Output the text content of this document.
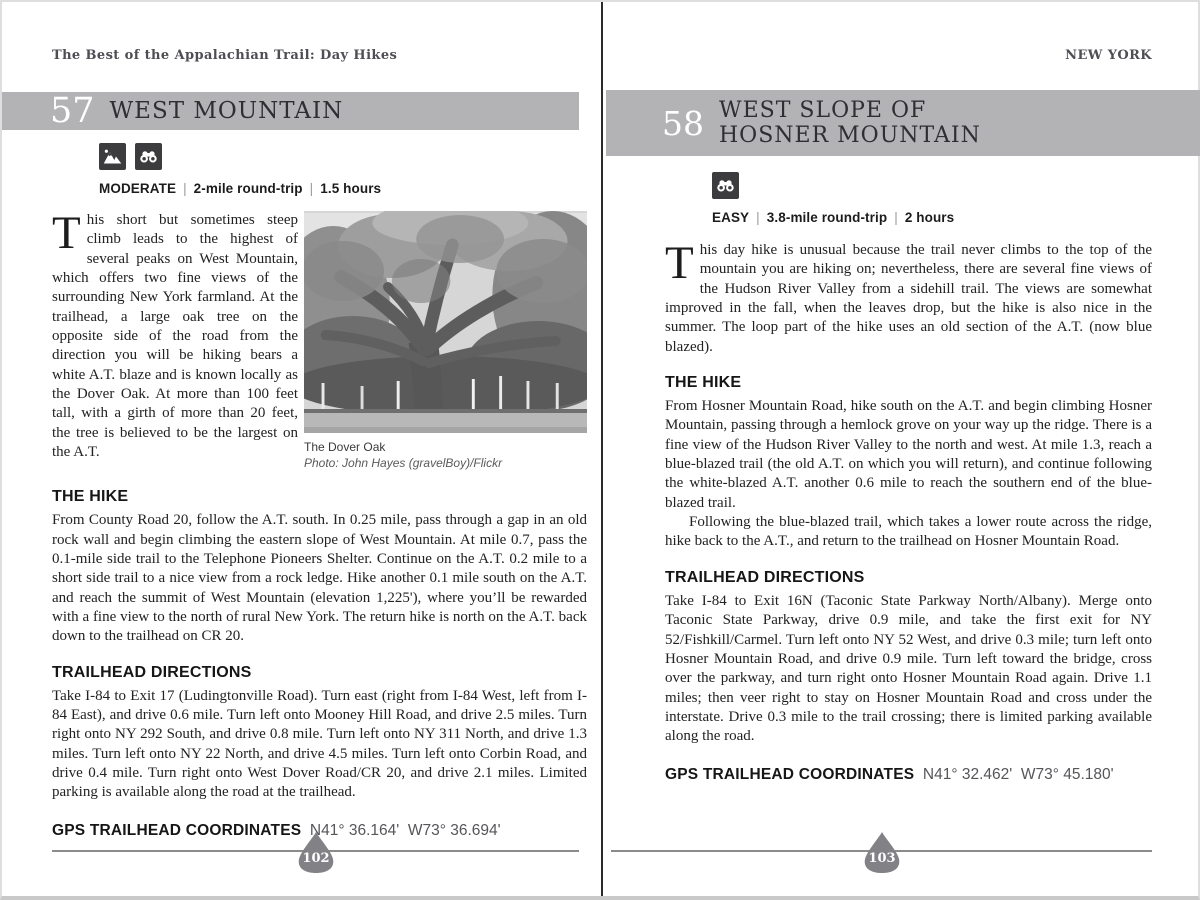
The Best of the Appalachian Trail: Day Hikes
57 WEST MOUNTAIN
MODERATE | 2-mile round-trip | 1.5 hours

This short but sometimes steep climb leads to the highest of several peaks on West Mountain, which offers two fine views of the surrounding New York farmland. At the trailhead, a large oak tree on the opposite side of the road from the direction you will be hiking bears a white A.T. blaze and is known locally as the Dover Oak. At more than 100 feet tall, with a girth of more than 20 feet, the tree is believed to be the largest on the A.T.	The Dover Oak
Photo: John Hayes (gravelBoy)/Flickr
THE HIKE

From County Road 20, follow the A.T. south. In 0.25 mile, pass through a gap in an old rock wall and begin climbing the eastern slope of West Mountain. At mile 0.7, pass the 0.1-mile side trail to the Telephone Pioneers Shelter. Continue on the A.T. 0.2 mile to a short side trail to a nice view from a rock ledge. Hike another 0.1 mile south on the A.T. and reach the summit of West Mountain (elevation 1,225'), where you’ll be rewarded with a fine view to the north of rural New York. The return hike is north on the A.T. back down to the trailhead on CR 20.

TRAILHEAD DIRECTIONS

Take I-84 to Exit 17 (Ludingtonville Road). Turn east (right from I-84 West, left from I-84 East), and drive 0.6 mile. Turn left onto Mooney Hill Road, and drive 2.5 miles. Turn right onto NY 292 South, and drive 0.8 mile. Turn left onto NY 311 North, and drive 1.3 miles. Turn left onto NY 22 North, and drive 4.5 miles. Turn left onto Corbin Road, and drive 0.4 mile. Turn right onto West Dover Road/CR 20, and drive 2.1 miles. Limited parking is available along the road at the trailhead.

GPS TRAILHEAD COORDINATES N41° 36.164'  W73° 36.694'

102
NEW YORK
58 WEST SLOPE OF
HOSNER MOUNTAIN
EASY | 3.8-mile round-trip | 2 hours

This day hike is unusual because the trail never climbs to the top of the mountain you are hiking on; nevertheless, there are several fine views of the Hudson River Valley from a sidehill trail. The views are somewhat improved in the fall, when the leaves drop, but the hike is also nice in the summer. The loop part of the hike uses an old section of the A.T. (now blue blazed).

THE HIKE

From Hosner Mountain Road, hike south on the A.T. and begin climbing Hosner Mountain, passing through a hemlock grove on your way up the ridge. There is a fine view of the Hudson River Valley to the north and west. At mile 1.3, reach a blue-blazed trail (the old A.T. on which you will return), and continue following the white-blazed A.T. another 0.6 mile to reach the southern end of the blue-blazed trail.

Following the blue-blazed trail, which takes a lower route across the ridge, hike back to the A.T., and return to the trailhead on Hosner Mountain Road.

TRAILHEAD DIRECTIONS

Take I-84 to Exit 16N (Taconic State Parkway North/Albany). Merge onto Taconic State Parkway, drive 0.9 mile, and take the first exit for NY 52/Fishkill/Carmel. Turn left onto NY 52 West, and drive 0.3 mile; turn left onto Hosner Mountain Road, and drive 0.9 mile. Turn left toward the bridge, cross over the parkway, and turn right onto Hosner Mountain Road again. Drive 1.1 miles; then veer right to stay on Hosner Mountain Road and cross under the interstate. Drive 0.3 mile to the trail crossing; there is limited parking available along the road.

GPS TRAILHEAD COORDINATES N41° 32.462'  W73° 45.180'

103
